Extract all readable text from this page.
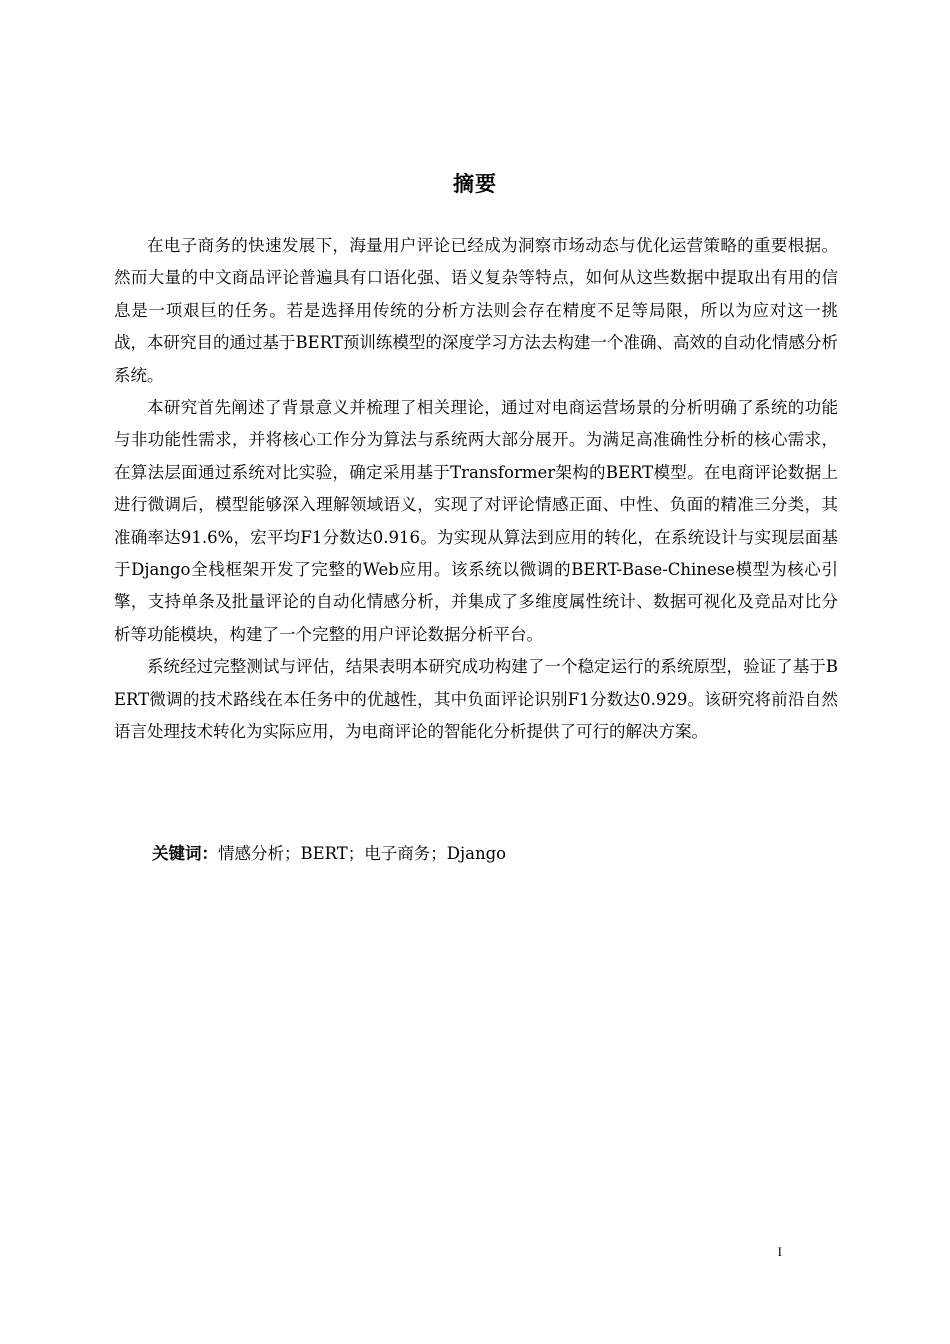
摘要

在电子商务的快速发展下，海量用户评论已经成为洞察市场动态与优化运营策略的重要根据。然而大量的中文商品评论普遍具有口语化强、语义复杂等特点，如何从这些数据中提取出有用的信息是一项艰巨的任务。若是选择用传统的分析方法则会存在精度不足等局限，所以为应对这一挑战，本研究目的通过基于BERT预训练模型的深度学习方法去构建一个准确、高效的自动化情感分析系统。

本研究首先阐述了背景意义并梳理了相关理论，通过对电商运营场景的分析明确了系统的功能与非功能性需求，并将核心工作分为算法与系统两大部分展开。为满足高准确性分析的核心需求，在算法层面通过系统对比实验，确定采用基于Transformer架构的BERT模型。在电商评论数据上进行微调后，模型能够深入理解领域语义，实现了对评论情感正面、中性、负面的精准三分类，其准确率达91.6%，宏平均F1分数达0.916。为实现从算法到应用的转化，在系统设计与实现层面基于Django全栈框架开发了完整的Web应用。该系统以微调的BERT-Base-Chinese模型为核心引擎，支持单条及批量评论的自动化情感分析，并集成了多维度属性统计、数据可视化及竞品对比分析等功能模块，构建了一个完整的用户评论数据分析平台。

系统经过完整测试与评估，结果表明本研究成功构建了一个稳定运行的系统原型，验证了基于BERT微调的技术路线在本任务中的优越性，其中负面评论识别F1分数达0.929。该研究将前沿自然语言处理技术转化为实际应用，为电商评论的智能化分析提供了可行的解决方案。

关键词：情感分析；BERT；电子商务；Django
I
